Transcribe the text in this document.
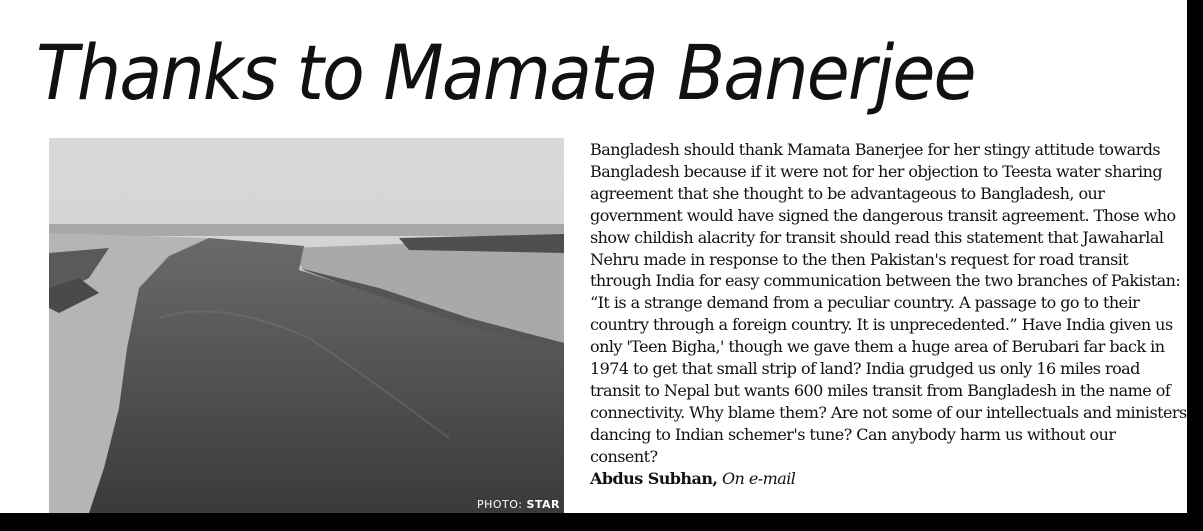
Thanks to Mamata Banerjee
PHOTO: STAR

Bangladesh should thank Mamata Banerjee for her stingy attitude towards Bangladesh because if it were not for her objection to Teesta water sharing agreement that she thought to be advantageous to Bangladesh, our government would have signed the dangerous transit agreement. Those who show childish alacrity for transit should read this statement that Jawaharlal Nehru made in response to the then Pakistan's request for road transit through India for easy communication between the two branches of Pakistan: “It is a strange demand from a peculiar country. A passage to go to their country through a foreign country. It is unprecedented.” Have India given us only 'Teen Bigha,' though we gave them a huge area of Berubari far back in 1974 to get that small strip of land? India grudged us only 16 miles road transit to Nepal but wants 600 miles transit from Bangladesh in the name of connectivity. Why blame them? Are not some of our intellectuals and ministers dancing to Indian schemer's tune? Can anybody harm us without our consent?

Abdus Subhan, On e-mail
